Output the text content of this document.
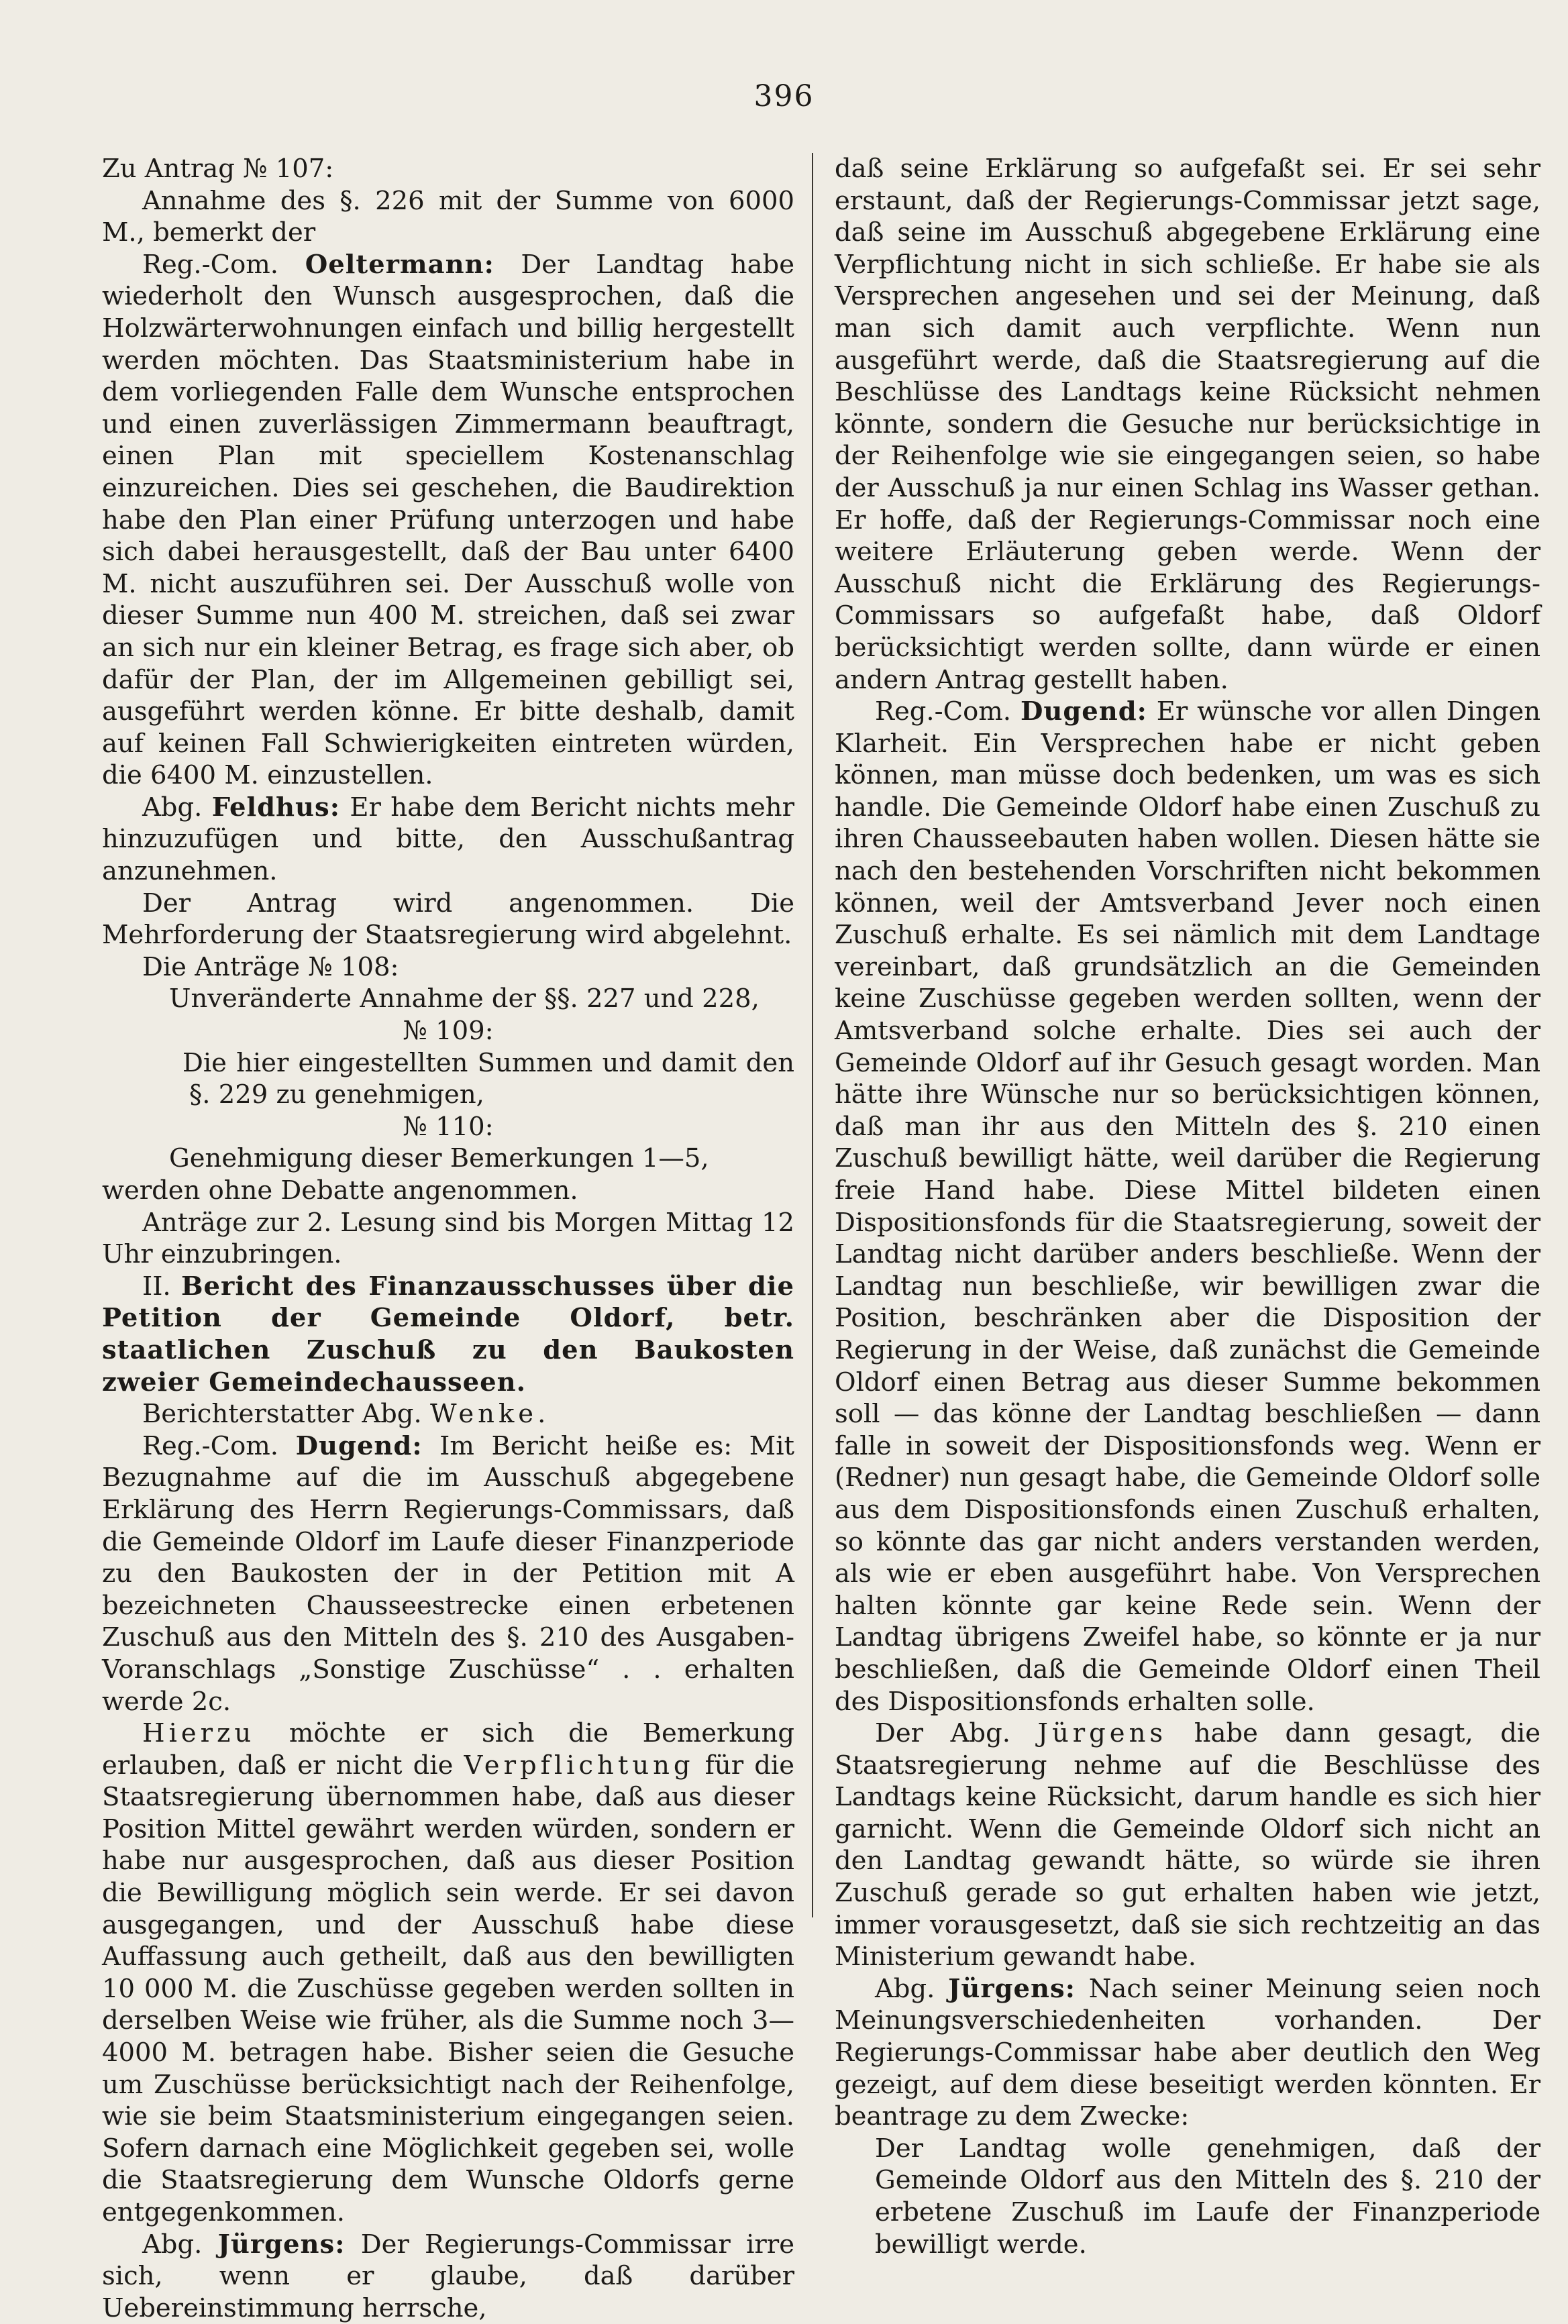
396

Zu Antrag № 107:

Annahme des §. 226 mit der Summe von 6000 M., bemerkt der

Reg.-Com. Oeltermann: Der Landtag habe wiederholt den Wunsch ausgesprochen, daß die Holzwärterwohnungen einfach und billig hergestellt werden möchten. Das Staatsministerium habe in dem vorliegenden Falle dem Wunsche entsprochen und einen zuverlässigen Zimmermann beauftragt, einen Plan mit speciellem Kostenanschlag einzureichen. Dies sei geschehen, die Baudirektion habe den Plan einer Prüfung unterzogen und habe sich dabei herausgestellt, daß der Bau unter 6400 M. nicht auszuführen sei. Der Ausschuß wolle von dieser Summe nun 400 M. streichen, daß sei zwar an sich nur ein kleiner Betrag, es frage sich aber, ob dafür der Plan, der im Allgemeinen gebilligt sei, ausgeführt werden könne. Er bitte deshalb, damit auf keinen Fall Schwierigkeiten eintreten würden, die 6400 M. einzustellen.

Abg. Feldhus: Er habe dem Bericht nichts mehr hinzuzufügen und bitte, den Ausschußantrag anzunehmen.

Der Antrag wird angenommen. Die Mehrforderung der Staatsregierung wird abgelehnt.

Die Anträge № 108:

Unveränderte Annahme der §§. 227 und 228,

№ 109:

Die hier eingestellten Summen und damit den §. 229 zu genehmigen,

№ 110:

Genehmigung dieser Bemerkungen 1—5,

werden ohne Debatte angenommen.

Anträge zur 2. Lesung sind bis Morgen Mittag 12 Uhr einzubringen.

II. Bericht des Finanzausschusses über die Petition der Gemeinde Oldorf, betr. staatlichen Zuschuß zu den Baukosten zweier Gemeindechausseen.

Berichterstatter Abg. Wenke.

Reg.-Com. Dugend: Im Bericht heiße es: Mit Bezugnahme auf die im Ausschuß abgegebene Erklärung des Herrn Regierungs-Commissars, daß die Gemeinde Oldorf im Laufe dieser Finanzperiode zu den Baukosten der in der Petition mit A bezeichneten Chausseestrecke einen erbetenen Zuschuß aus den Mitteln des §. 210 des Ausgaben-Voranschlags „Sonstige Zuschüsse“ . . erhalten werde 2c.

Hierzu möchte er sich die Bemerkung erlauben, daß er nicht die Verpflichtung für die Staatsregierung übernommen habe, daß aus dieser Position Mittel gewährt werden würden, sondern er habe nur ausgesprochen, daß aus dieser Position die Bewilligung möglich sein werde. Er sei davon ausgegangen, und der Ausschuß habe diese Auffassung auch getheilt, daß aus den bewilligten 10 000 M. die Zuschüsse gegeben werden sollten in derselben Weise wie früher, als die Summe noch 3—4000 M. betragen habe. Bisher seien die Gesuche um Zuschüsse berücksichtigt nach der Reihenfolge, wie sie beim Staatsministerium eingegangen seien. Sofern darnach eine Möglichkeit gegeben sei, wolle die Staatsregierung dem Wunsche Oldorfs gerne entgegenkommen.

Abg. Jürgens: Der Regierungs-Commissar irre sich, wenn er glaube, daß darüber Uebereinstimmung herrsche,

daß seine Erklärung so aufgefaßt sei. Er sei sehr erstaunt, daß der Regierungs-Commissar jetzt sage, daß seine im Ausschuß abgegebene Erklärung eine Verpflichtung nicht in sich schließe. Er habe sie als Versprechen angesehen und sei der Meinung, daß man sich damit auch verpflichte. Wenn nun ausgeführt werde, daß die Staatsregierung auf die Beschlüsse des Landtags keine Rücksicht nehmen könnte, sondern die Gesuche nur berücksichtige in der Reihenfolge wie sie eingegangen seien, so habe der Ausschuß ja nur einen Schlag ins Wasser gethan. Er hoffe, daß der Regierungs-Commissar noch eine weitere Erläuterung geben werde. Wenn der Ausschuß nicht die Erklärung des Regierungs-Commissars so aufgefaßt habe, daß Oldorf berücksichtigt werden sollte, dann würde er einen andern Antrag gestellt haben.

Reg.-Com. Dugend: Er wünsche vor allen Dingen Klarheit. Ein Versprechen habe er nicht geben können, man müsse doch bedenken, um was es sich handle. Die Gemeinde Oldorf habe einen Zuschuß zu ihren Chausseebauten haben wollen. Diesen hätte sie nach den bestehenden Vorschriften nicht bekommen können, weil der Amtsverband Jever noch einen Zuschuß erhalte. Es sei nämlich mit dem Landtage vereinbart, daß grundsätzlich an die Gemeinden keine Zuschüsse gegeben werden sollten, wenn der Amtsverband solche erhalte. Dies sei auch der Gemeinde Oldorf auf ihr Gesuch gesagt worden. Man hätte ihre Wünsche nur so berücksichtigen können, daß man ihr aus den Mitteln des §. 210 einen Zuschuß bewilligt hätte, weil darüber die Regierung freie Hand habe. Diese Mittel bildeten einen Dispositionsfonds für die Staatsregierung, soweit der Landtag nicht darüber anders beschließe. Wenn der Landtag nun beschließe, wir bewilligen zwar die Position, beschränken aber die Disposition der Regierung in der Weise, daß zunächst die Gemeinde Oldorf einen Betrag aus dieser Summe bekommen soll — das könne der Landtag beschließen — dann falle in soweit der Dispositionsfonds weg. Wenn er (Redner) nun gesagt habe, die Gemeinde Oldorf solle aus dem Dispositionsfonds einen Zuschuß erhalten, so könnte das gar nicht anders verstanden werden, als wie er eben ausgeführt habe. Von Versprechen halten könnte gar keine Rede sein. Wenn der Landtag übrigens Zweifel habe, so könnte er ja nur beschließen, daß die Gemeinde Oldorf einen Theil des Dispositionsfonds erhalten solle.

Der Abg. Jürgens habe dann gesagt, die Staatsregierung nehme auf die Beschlüsse des Landtags keine Rücksicht, darum handle es sich hier garnicht. Wenn die Gemeinde Oldorf sich nicht an den Landtag gewandt hätte, so würde sie ihren Zuschuß gerade so gut erhalten haben wie jetzt, immer vorausgesetzt, daß sie sich rechtzeitig an das Ministerium gewandt habe.

Abg. Jürgens: Nach seiner Meinung seien noch Meinungsverschiedenheiten vorhanden. Der Regierungs-Commissar habe aber deutlich den Weg gezeigt, auf dem diese beseitigt werden könnten. Er beantrage zu dem Zwecke:

Der Landtag wolle genehmigen, daß der Gemeinde Oldorf aus den Mitteln des §. 210 der erbetene Zuschuß im Laufe der Finanzperiode bewilligt werde.
